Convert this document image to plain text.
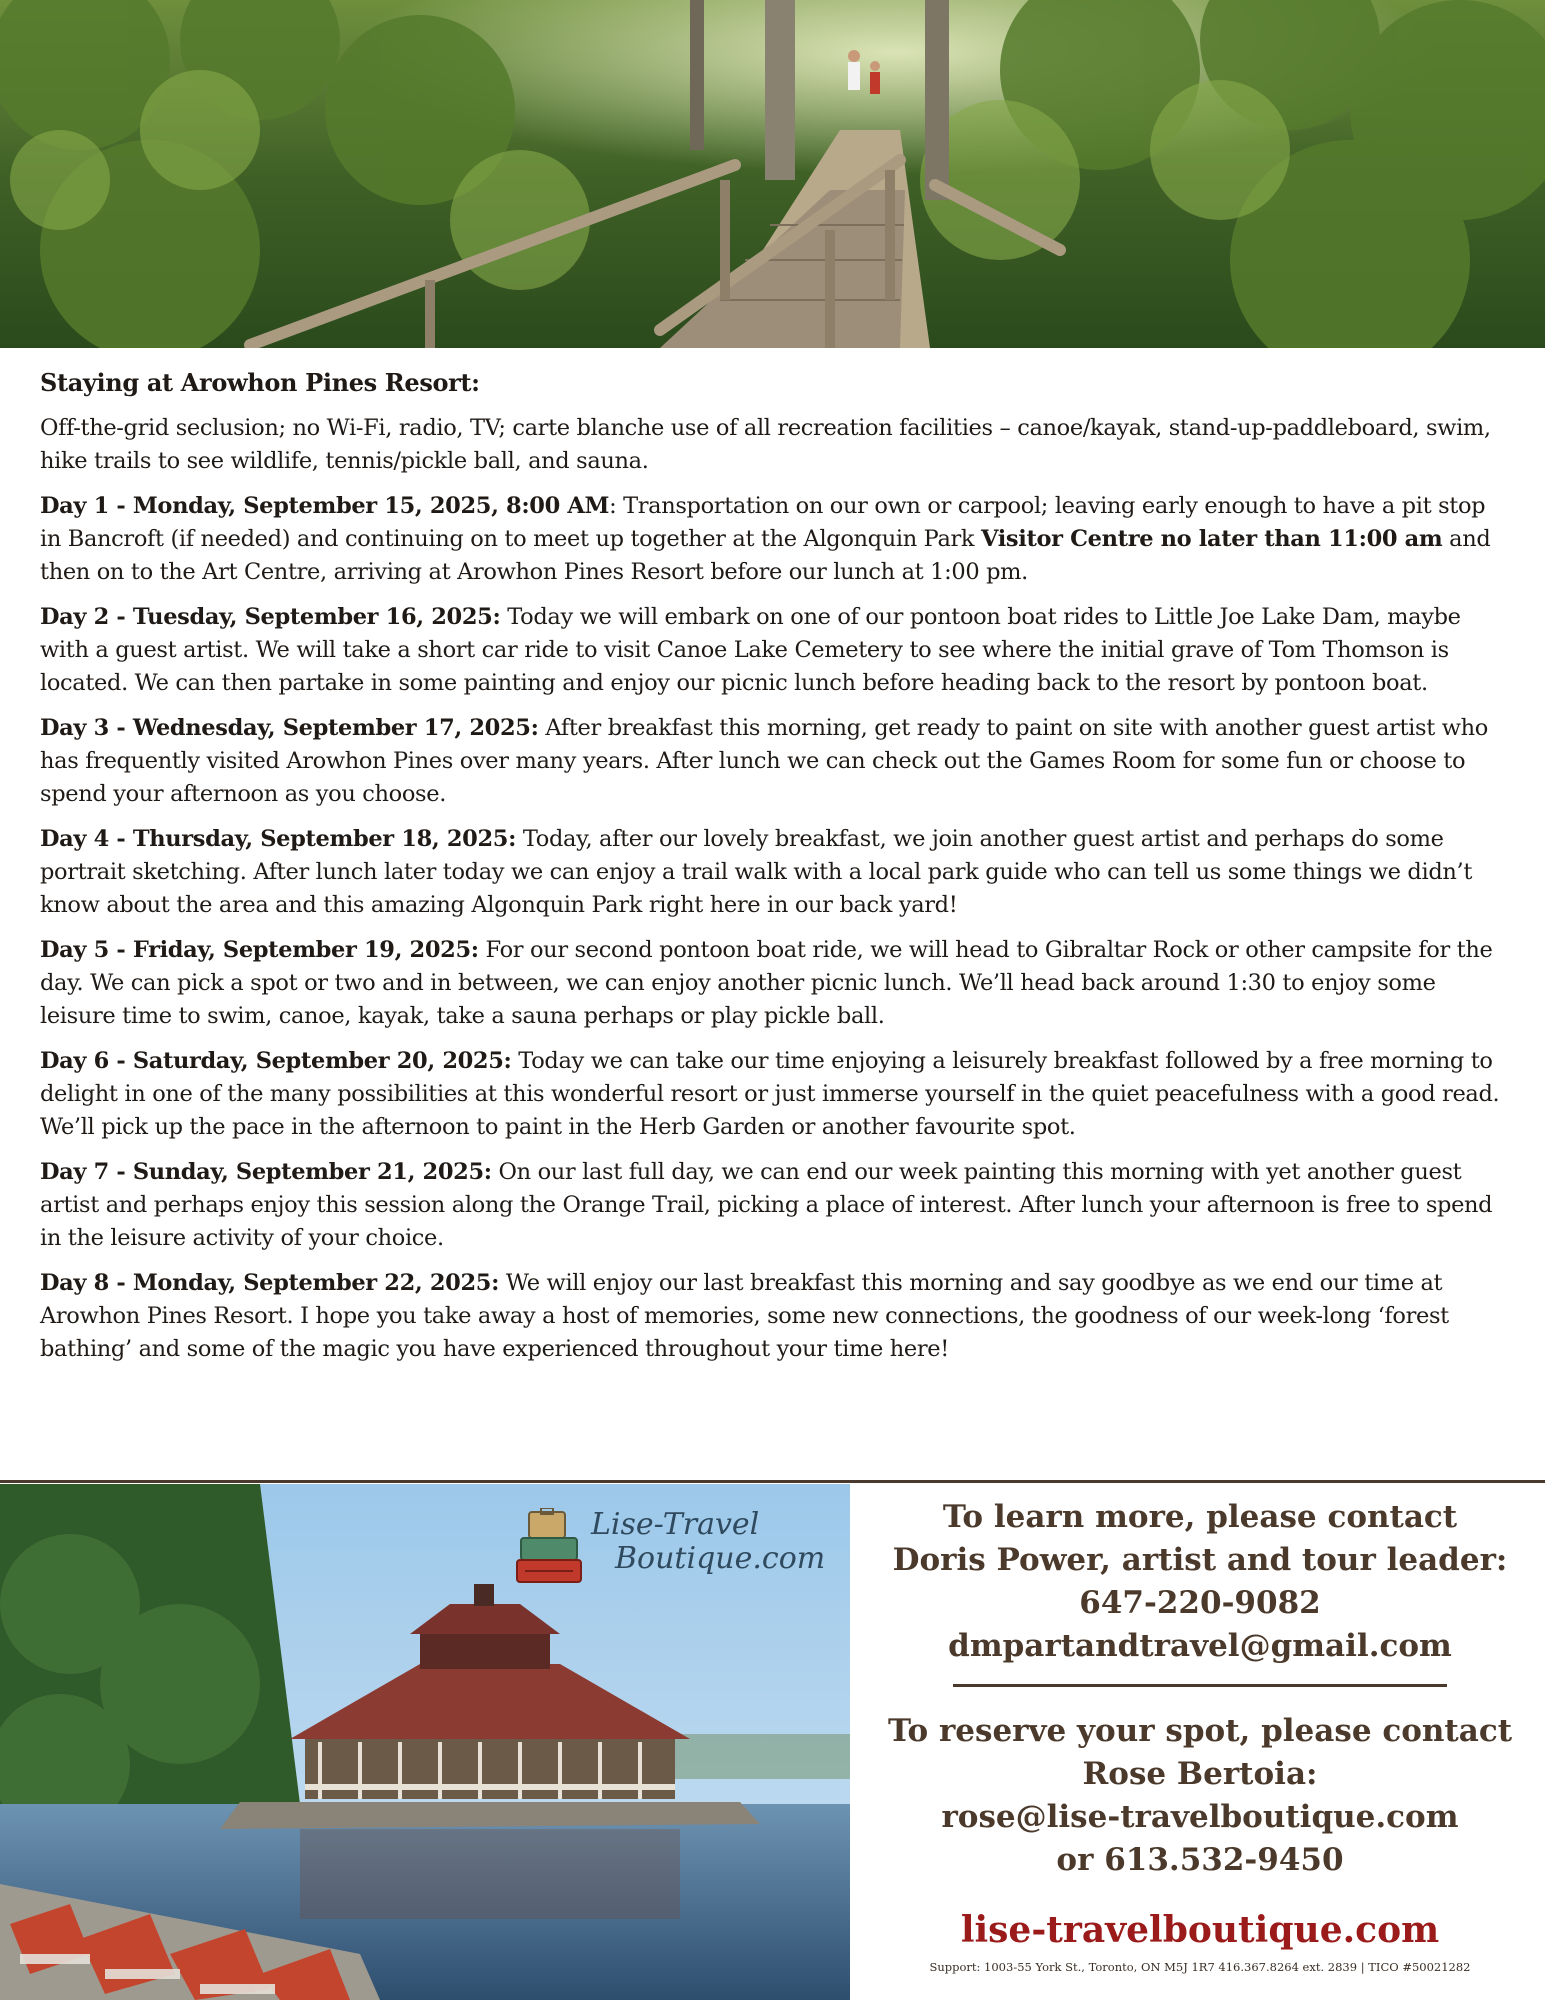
Staying at Arowhon Pines Resort:

Off-the-grid seclusion; no Wi-Fi, radio, TV; carte blanche use of all recreation facilities – canoe/kayak, stand-up-paddleboard, swim, hike trails to see wildlife, tennis/pickle ball, and sauna.

Day 1 - Monday, September 15, 2025, 8:00 AM: Transportation on our own or carpool; leaving early enough to have a pit stop in Bancroft (if needed) and continuing on to meet up together at the Algonquin Park Visitor Centre no later than 11:00 am and then on to the Art Centre, arriving at Arowhon Pines Resort before our lunch at 1:00 pm.

Day 2 - Tuesday, September 16, 2025: Today we will embark on one of our pontoon boat rides to Little Joe Lake Dam, maybe with a guest artist. We will take a short car ride to visit Canoe Lake Cemetery to see where the initial grave of Tom Thomson is located. We can then partake in some painting and enjoy our picnic lunch before heading back to the resort by pontoon boat.

Day 3 - Wednesday, September 17, 2025: After breakfast this morning, get ready to paint on site with another guest artist who has frequently visited Arowhon Pines over many years. After lunch we can check out the Games Room for some fun or choose to spend your afternoon as you choose.

Day 4 - Thursday, September 18, 2025: Today, after our lovely breakfast, we join another guest artist and perhaps do some portrait sketching. After lunch later today we can enjoy a trail walk with a local park guide who can tell us some things we didn’t know about the area and this amazing Algonquin Park right here in our back yard!

Day 5 - Friday, September 19, 2025: For our second pontoon boat ride, we will head to Gibraltar Rock or other campsite for the day. We can pick a spot or two and in between, we can enjoy another picnic lunch. We’ll head back around 1:30 to enjoy some leisure time to swim, canoe, kayak, take a sauna perhaps or play pickle ball.

Day 6 - Saturday, September 20, 2025: Today we can take our time enjoying a leisurely breakfast followed by a free morning to delight in one of the many possibilities at this wonderful resort or just immerse yourself in the quiet peacefulness with a good read. We’ll pick up the pace in the afternoon to paint in the Herb Garden or another favourite spot.

Day 7 - Sunday, September 21, 2025: On our last full day, we can end our week painting this morning with yet another guest artist and perhaps enjoy this session along the Orange Trail, picking a place of interest. After lunch your afternoon is free to spend in the leisure activity of your choice.

Day 8 - Monday, September 22, 2025: We will enjoy our last breakfast this morning and say goodbye as we end our time at Arowhon Pines Resort. I hope you take away a host of memories, some new connections, the goodness of our week-long ‘forest bathing’ and some of the magic you have experienced throughout your time here!

Lise-Travel
Boutique.com
To learn more, please contact
Doris Power, artist and tour leader:
647-220-9082
dmpartandtravel@gmail.com
To reserve your spot, please contact
Rose Bertoia:
rose@lise-travelboutique.com
or 613.532-9450
lise-travelboutique.com
Support: 1003-55 York St., Toronto, ON M5J 1R7 416.367.8264 ext. 2839 | TICO #50021282
